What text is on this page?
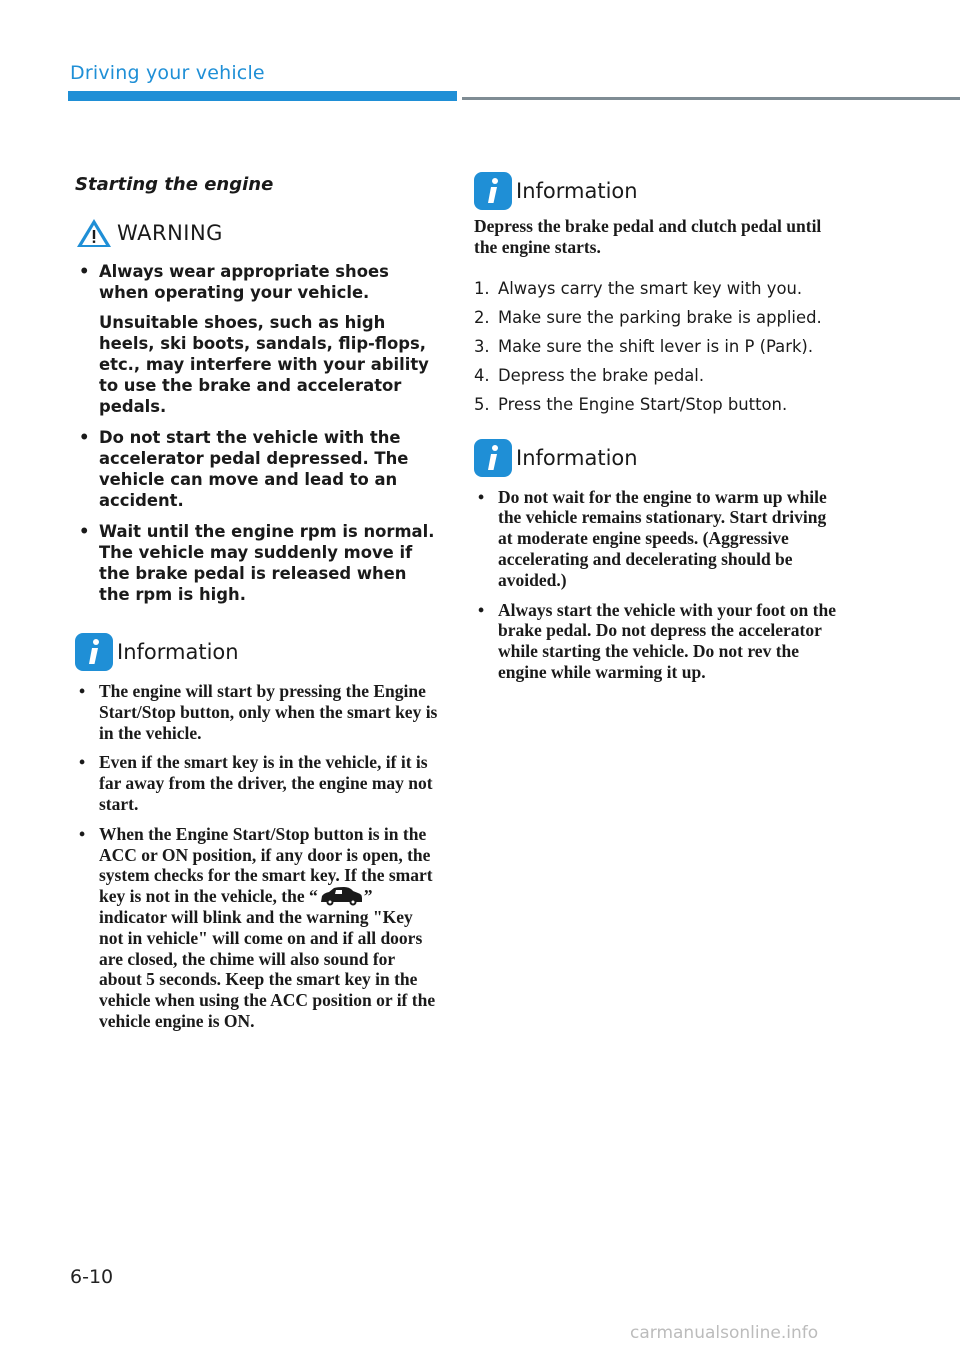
Driving your vehicle
Starting the engine
WARNING

• Always wear appropriate shoes when operating your vehicle.

Unsuitable shoes, such as high heels, ski boots, sandals, flip-flops, etc., may interfere with your ability to use the brake and accelerator pedals.

• Do not start the vehicle with the accelerator pedal depressed. The vehicle can move and lead to an accident.

• Wait until the engine rpm is normal. The vehicle may suddenly move if the brake pedal is released when the rpm is high.

Information
• The engine will start by pressing the Engine Start/Stop button, only when the smart key is in the vehicle.
• Even if the smart key is in the vehicle, if it is far away from the driver, the engine may not start.
• When the Engine Start/Stop button is in the ACC or ON position, if any door is open, the system checks for the smart key. If the smart key is not in the vehicle, the “	” indicator will blink and the warning "Key not in vehicle" will come on and if all doors are closed, the chime will also sound for about 5 seconds. Keep the smart key in the vehicle when using the ACC position or if the vehicle engine is ON.
Information

Depress the brake pedal and clutch pedal until the engine starts.

1. Always carry the smart key with you.
2. Make sure the parking brake is applied.
3. Make sure the shift lever is in P (Park).
4. Depress the brake pedal.
5. Press the Engine Start/Stop button.
Information
• Do not wait for the engine to warm up while the vehicle remains stationary. Start driving at moderate engine speeds. (Aggressive accelerating and decelerating should be avoided.)
• Always start the vehicle with your foot on the brake pedal. Do not depress the accelerator while starting the vehicle. Do not rev the engine while warming it up.
6-10
carmanualsonline.info
